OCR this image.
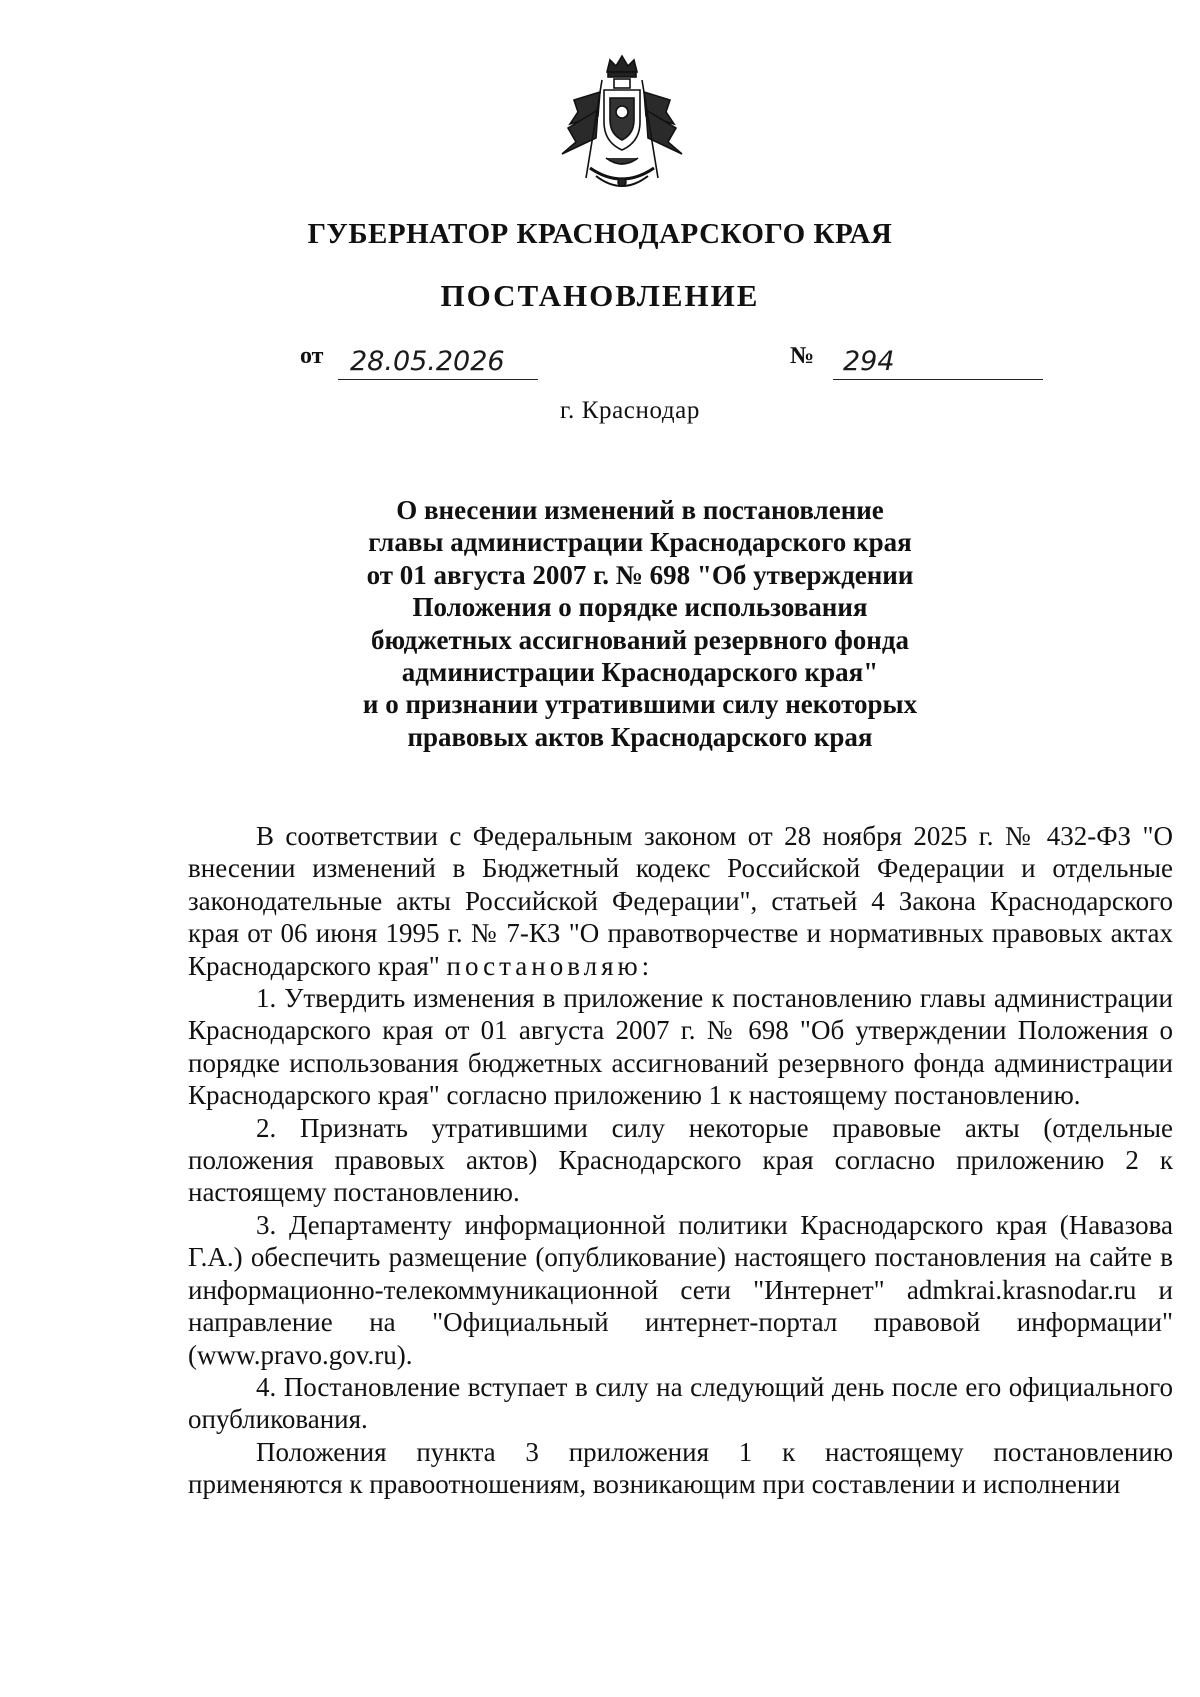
ГУБЕРНАТОР КРАСНОДАРСКОГО КРАЯ
ПОСТАНОВЛЕНИЕ
от 28.05.2026	№	294
г. Краснодар
О внесении изменений в постановление
главы администрации Краснодарского края
от 01 августа 2007 г. № 698 "Об утверждении
Положения о порядке использования
бюджетных ассигнований резервного фонда
администрации Краснодарского края"
и о признании утратившими силу некоторых
правовых актов Краснодарского края

В соответствии с Федеральным законом от 28 ноября 2025 г. № 432-ФЗ "О внесении изменений в Бюджетный кодекс Российской Федерации и отдельные законодательные акты Российской Федерации", статьей 4 Закона Краснодарского края от 06 июня 1995 г. № 7-КЗ "О правотворчестве и нормативных правовых актах Краснодарского края" постановляю:

1. Утвердить изменения в приложение к постановлению главы администрации Краснодарского края от 01 августа 2007 г. № 698 "Об утверждении Положения о порядке использования бюджетных ассигнований резервного фонда администрации Краснодарского края" согласно приложению 1 к настоящему постановлению.

2. Признать утратившими силу некоторые правовые акты (отдельные положения правовых актов) Краснодарского края согласно приложению 2 к настоящему постановлению.

3. Департаменту информационной политики Краснодарского края (Навазова Г.А.) обеспечить размещение (опубликование) настоящего постановления на сайте в информационно-телекоммуникационной сети "Интернет" admkrai.krasnodar.ru и направление на "Официальный интернет-портал правовой информации" (www.pravo.gov.ru).

4. Постановление вступает в силу на следующий день после его официального опубликования.

Положения пункта 3 приложения 1 к настоящему постановлению применяются к правоотношениям, возникающим при составлении и исполнении
